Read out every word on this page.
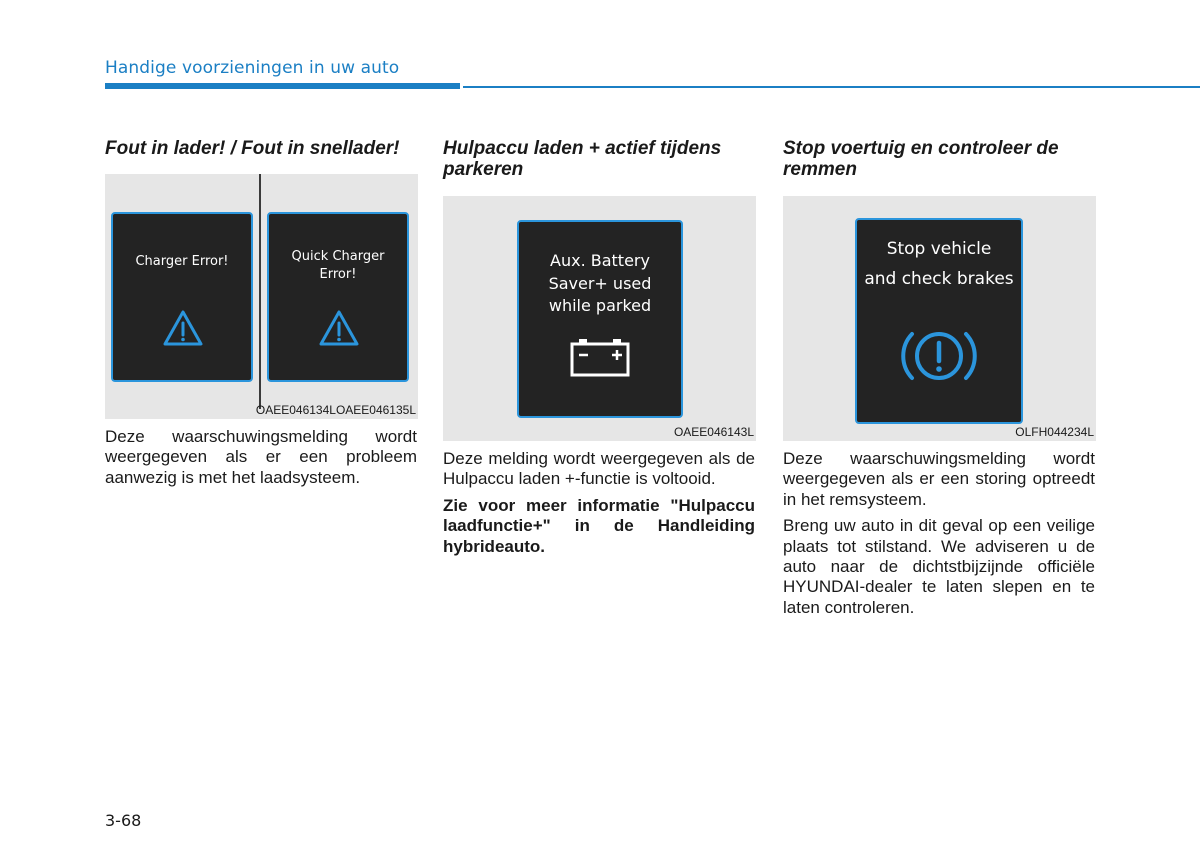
Handige voorzieningen in uw auto
Fout in lader! / Fout in snellader!
Charger Error!	Quick Charger
Error!
OAEE046134LOAEE046135L

Deze waarschuwingsmelding wordt weergegeven als er een probleem aanwezig is met het laadsysteem.

Hulpaccu laden + actief tijdens parkeren
Aux. Battery
Saver+ used
while parked
OAEE046143L

Deze melding wordt weergegeven als de Hulpaccu laden +-functie is voltooid.

Zie voor meer informatie "Hulpaccu laadfunctie+" in de Handleiding hybrideauto.

Stop voertuig en controleer de remmen
Stop vehicle
and check brakes
OLFH044234L

Deze waarschuwingsmelding wordt weergegeven als er een storing optreedt in het remsysteem.

Breng uw auto in dit geval op een veilige plaats tot stilstand. We adviseren u de auto naar de dichtstbijzijnde officiële HYUNDAI-dealer te laten slepen en te laten controleren.

3-68
